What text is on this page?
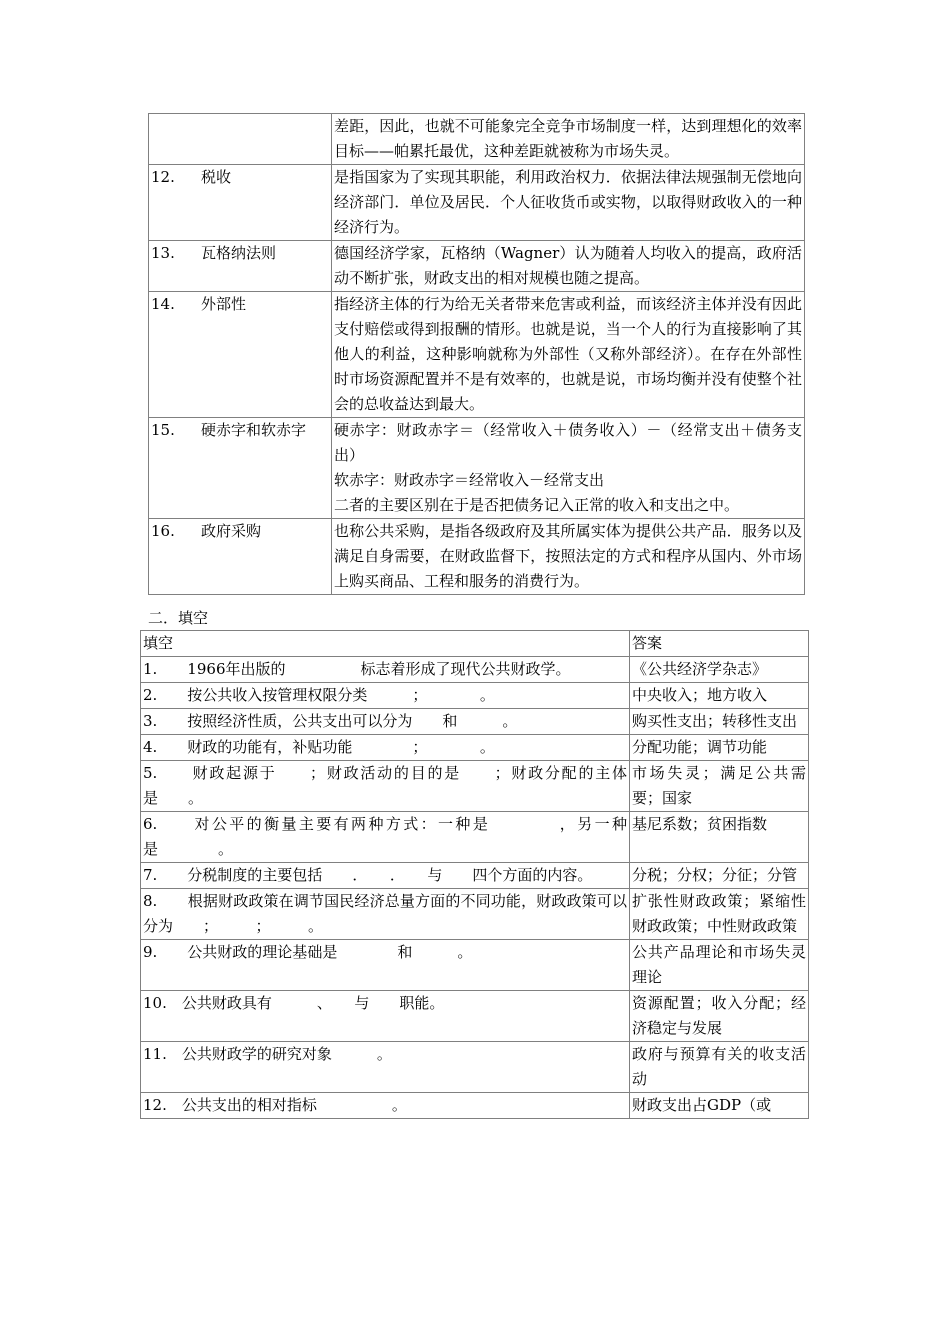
	差距，因此，也就不可能象完全竞争市场制度一样，达到理想化的效率目标——帕累托最优，这种差距就被称为市场失灵。
12. 税收	是指国家为了实现其职能，利用政治权力．依据法律法规强制无偿地向经济部门．单位及居民．个人征收货币或实物，以取得财政收入的一种经济行为。
13. 瓦格纳法则	德国经济学家，瓦格纳（Wagner）认为随着人均收入的提高，政府活动不断扩张，财政支出的相对规模也随之提高。
14. 外部性	指经济主体的行为给无关者带来危害或利益，而该经济主体并没有因此支付赔偿或得到报酬的情形。也就是说，当一个人的行为直接影响了其他人的利益，这种影响就称为外部性（又称外部经济）。在存在外部性时市场资源配置并不是有效率的，也就是说，市场均衡并没有使整个社会的总收益达到最大。
15. 硬赤字和软赤字	硬赤字：财政赤字＝（经常收入＋债务收入）－（经常支出＋债务支出）
软赤字：财政赤字＝经常收入－经常支出
二者的主要区别在于是否把债务记入正常的收入和支出之中。

16. 政府采购	也称公共采购，是指各级政府及其所属实体为提供公共产品．服务以及满足自身需要，在财政监督下，按照法定的方式和程序从国内、外市场上购买商品、工程和服务的消费行为。
二．填空
填空	答案
1.　　1966年出版的　　　　　标志着形成了现代公共财政学。	《公共经济学杂志》
2.　　按公共收入按管理权限分类　　　；　　　　。	中央收入；地方收入
3.　　按照经济性质，公共支出可以分为　　和　　　。	购买性支出；转移性支出
4.　　财政的功能有，补贴功能　　　　；　　　　。	分配功能；调节功能
5.　　财政起源于　　；财政活动的目的是　　；财政分配的主体是　　。	市场失灵；满足公共需要；国家
6.　　对公平的衡量主要有两种方式：一种是　　　　，另一种是　　　　。	基尼系数；贫困指数
7.　　分税制度的主要包括　　．　　．　　与　　四个方面的内容。	分税；分权；分征；分管
8.　　根据财政政策在调节国民经济总量方面的不同功能，财政政策可以分为　　；　　　；　　　。	扩张性财政政策；紧缩性财政政策；中性财政政策
9.　　公共财政的理论基础是　　　　和　　　。	公共产品理论和市场失灵理论
10.　公共财政具有　　　、　　与　　职能。	资源配置；收入分配；经济稳定与发展
11.　公共财政学的研究对象　　　。	政府与预算有关的收支活动
12.　公共支出的相对指标　　　　　。	财政支出占GDP（或
